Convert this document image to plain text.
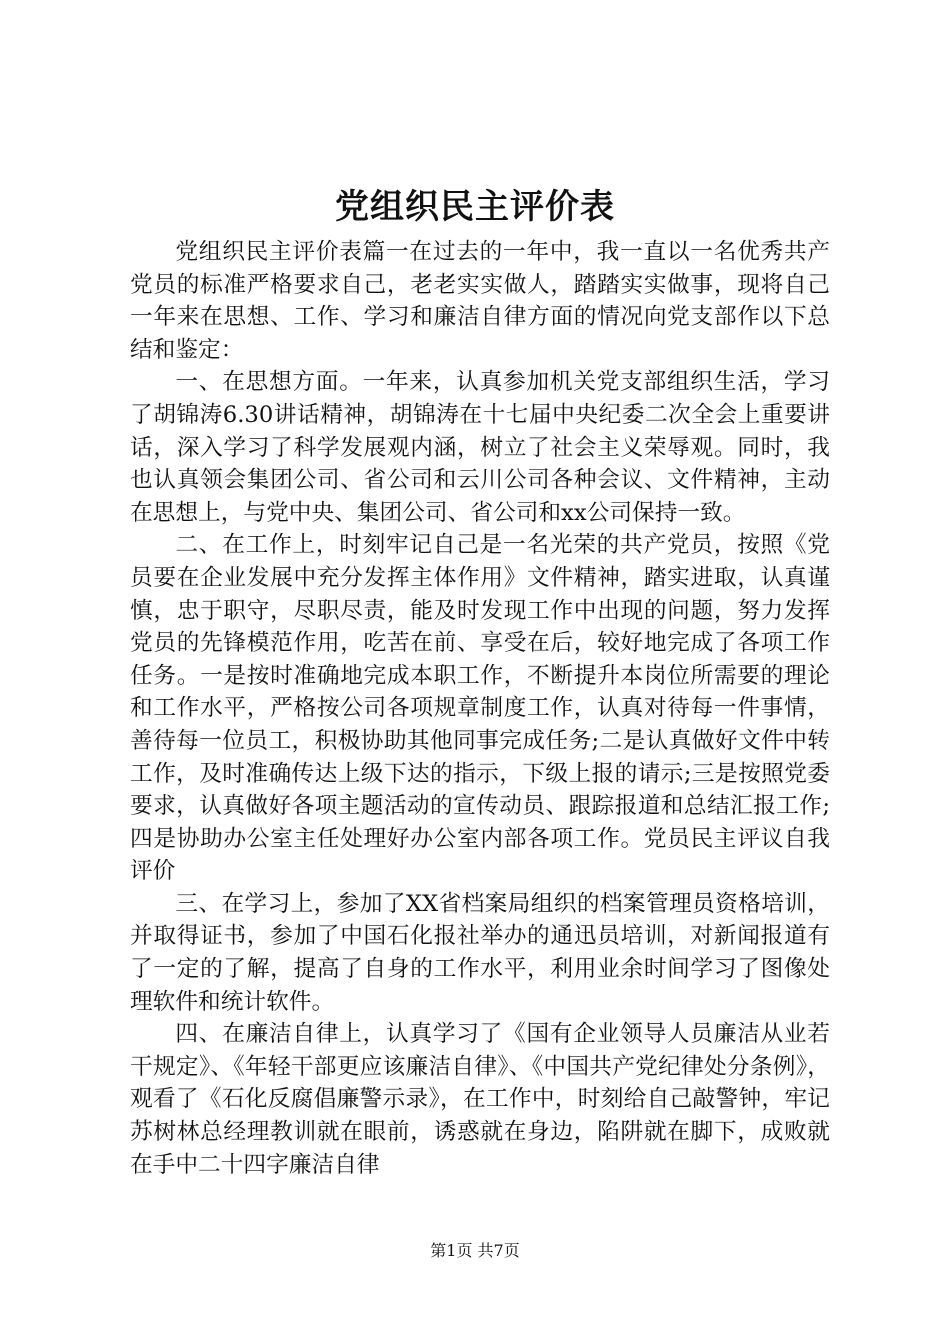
党组织民主评价表

党组织民主评价表篇一在过去的一年中，我一直以一名优秀共产党员的标准严格要求自己，老老实实做人，踏踏实实做事，现将自己一年来在思想、工作、学习和廉洁自律方面的情况向党支部作以下总结和鉴定：

一、在思想方面。一年来，认真参加机关党支部组织生活，学习了胡锦涛6.30讲话精神，胡锦涛在十七届中央纪委二次全会上重要讲话，深入学习了科学发展观内涵，树立了社会主义荣辱观。同时，我也认真领会集团公司、省公司和云川公司各种会议、文件精神，主动在思想上，与党中央、集团公司、省公司和xx公司保持一致。

二、在工作上，时刻牢记自己是一名光荣的共产党员，按照《党员要在企业发展中充分发挥主体作用》文件精神，踏实进取，认真谨慎，忠于职守，尽职尽责，能及时发现工作中出现的问题，努力发挥党员的先锋模范作用，吃苦在前、享受在后，较好地完成了各项工作任务。一是按时准确地完成本职工作，不断提升本岗位所需要的理论和工作水平，严格按公司各项规章制度工作，认真对待每一件事情，善待每一位员工，积极协助其他同事完成任务;二是认真做好文件中转工作，及时准确传达上级下达的指示，下级上报的请示;三是按照党委要求，认真做好各项主题活动的宣传动员、跟踪报道和总结汇报工作;四是协助办公室主任处理好办公室内部各项工作。党员民主评议自我评价

三、在学习上，参加了XX省档案局组织的档案管理员资格培训，并取得证书，参加了中国石化报社举办的通迅员培训，对新闻报道有了一定的了解，提高了自身的工作水平，利用业余时间学习了图像处理软件和统计软件。

四、在廉洁自律上，认真学习了《国有企业领导人员廉洁从业若干规定》、《年轻干部更应该廉洁自律》、《中国共产党纪律处分条例》，观看了《石化反腐倡廉警示录》，在工作中，时刻给自己敲警钟，牢记苏树林总经理教训就在眼前，诱惑就在身边，陷阱就在脚下，成败就在手中二十四字廉洁自律

第1页 共7页
